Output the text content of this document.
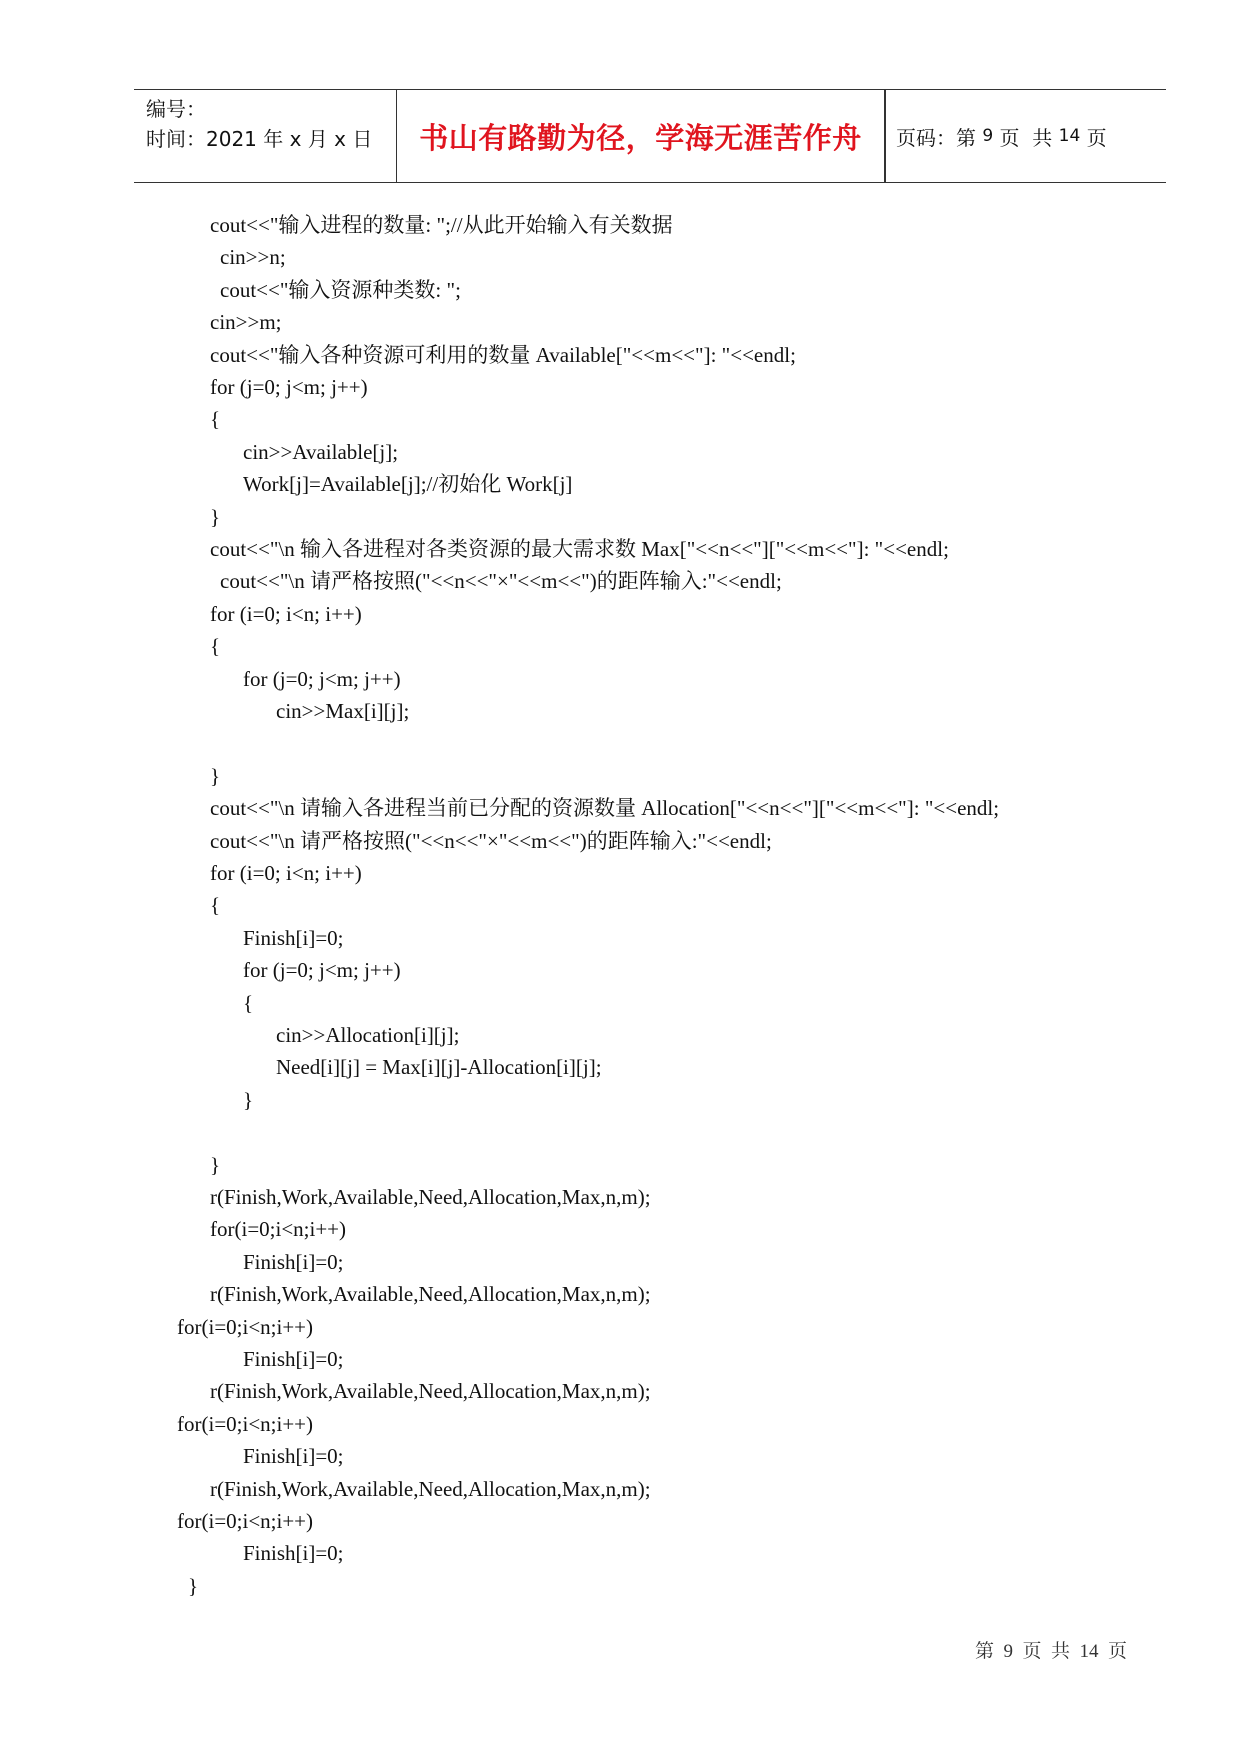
编号：
时间：2021 年 x 月 x 日	书山有路勤为径，学海无涯苦作舟	页码：第 9 页  共 14 页
cout<<"输入进程的数量: ";//从此开始输入有关数据
cin>>n;
cout<<"输入资源种类数: ";
cin>>m;
cout<<"输入各种资源可利用的数量 Available["<<m<<"]: "<<endl;
for (j=0; j<m; j++)
{
cin>>Available[j];
Work[j]=Available[j];//初始化 Work[j]
}
cout<<"\n 输入各进程对各类资源的最大需求数 Max["<<n<<"]["<<m<<"]: "<<endl;
cout<<"\n 请严格按照("<<n<<"×"<<m<<")的距阵输入:"<<endl;
for (i=0; i<n; i++)
{
for (j=0; j<m; j++)
cin>>Max[i][j];
}
cout<<"\n 请输入各进程当前已分配的资源数量 Allocation["<<n<<"]["<<m<<"]: "<<endl;
cout<<"\n 请严格按照("<<n<<"×"<<m<<")的距阵输入:"<<endl;
for (i=0; i<n; i++)
{
Finish[i]=0;
for (j=0; j<m; j++)
{
cin>>Allocation[i][j];
Need[i][j] = Max[i][j]-Allocation[i][j];
}
}
r(Finish,Work,Available,Need,Allocation,Max,n,m);
for(i=0;i<n;i++)
Finish[i]=0;
r(Finish,Work,Available,Need,Allocation,Max,n,m);
for(i=0;i<n;i++)
Finish[i]=0;
r(Finish,Work,Available,Need,Allocation,Max,n,m);
for(i=0;i<n;i++)
Finish[i]=0;
r(Finish,Work,Available,Need,Allocation,Max,n,m);
for(i=0;i<n;i++)
Finish[i]=0;
}
第  9  页  共  14  页
